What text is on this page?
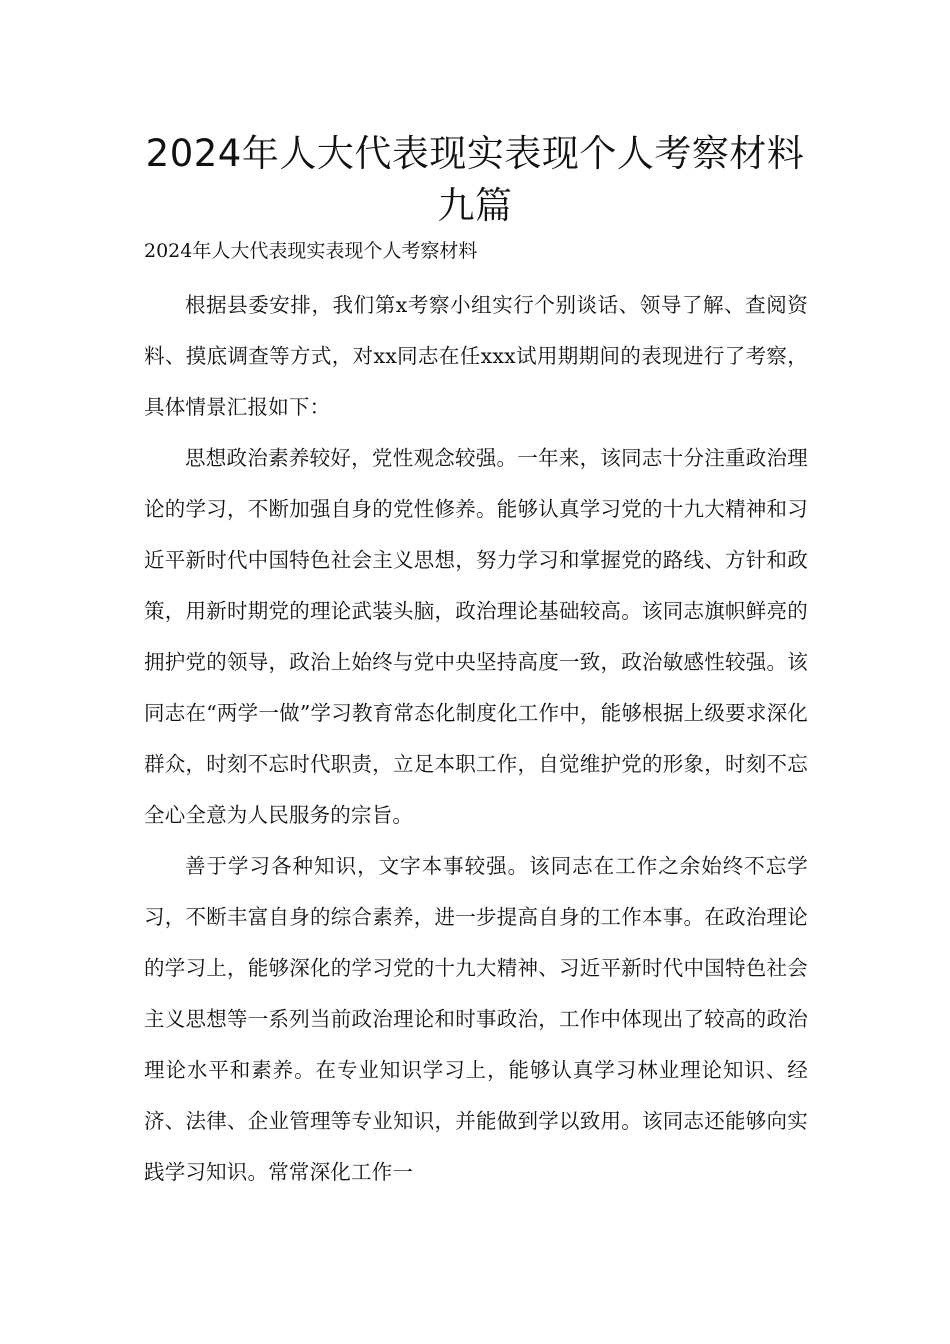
2024年人大代表现实表现个人考察材料
九篇

2024年人大代表现实表现个人考察材料

根据县委安排，我们第x考察小组实行个别谈话、领导了解、查阅资料、摸底调查等方式，对xx同志在任xxx试用期期间的表现进行了考察，具体情景汇报如下：

思想政治素养较好，党性观念较强。一年来，该同志十分注重政治理论的学习，不断加强自身的党性修养。能够认真学习党的十九大精神和习近平新时代中国特色社会主义思想，努力学习和掌握党的路线、方针和政策，用新时期党的理论武装头脑，政治理论基础较高。该同志旗帜鲜亮的拥护党的领导，政治上始终与党中央坚持高度一致，政治敏感性较强。该同志在“两学一做”学习教育常态化制度化工作中，能够根据上级要求深化群众，时刻不忘时代职责，立足本职工作，自觉维护党的形象，时刻不忘全心全意为人民服务的宗旨。

善于学习各种知识，文字本事较强。该同志在工作之余始终不忘学习，不断丰富自身的综合素养，进一步提高自身的工作本事。在政治理论的学习上，能够深化的学习党的十九大精神、习近平新时代中国特色社会主义思想等一系列当前政治理论和时事政治，工作中体现出了较高的政治理论水平和素养。在专业知识学习上，能够认真学习林业理论知识、经济、法律、企业管理等专业知识，并能做到学以致用。该同志还能够向实践学习知识。常常深化工作一
